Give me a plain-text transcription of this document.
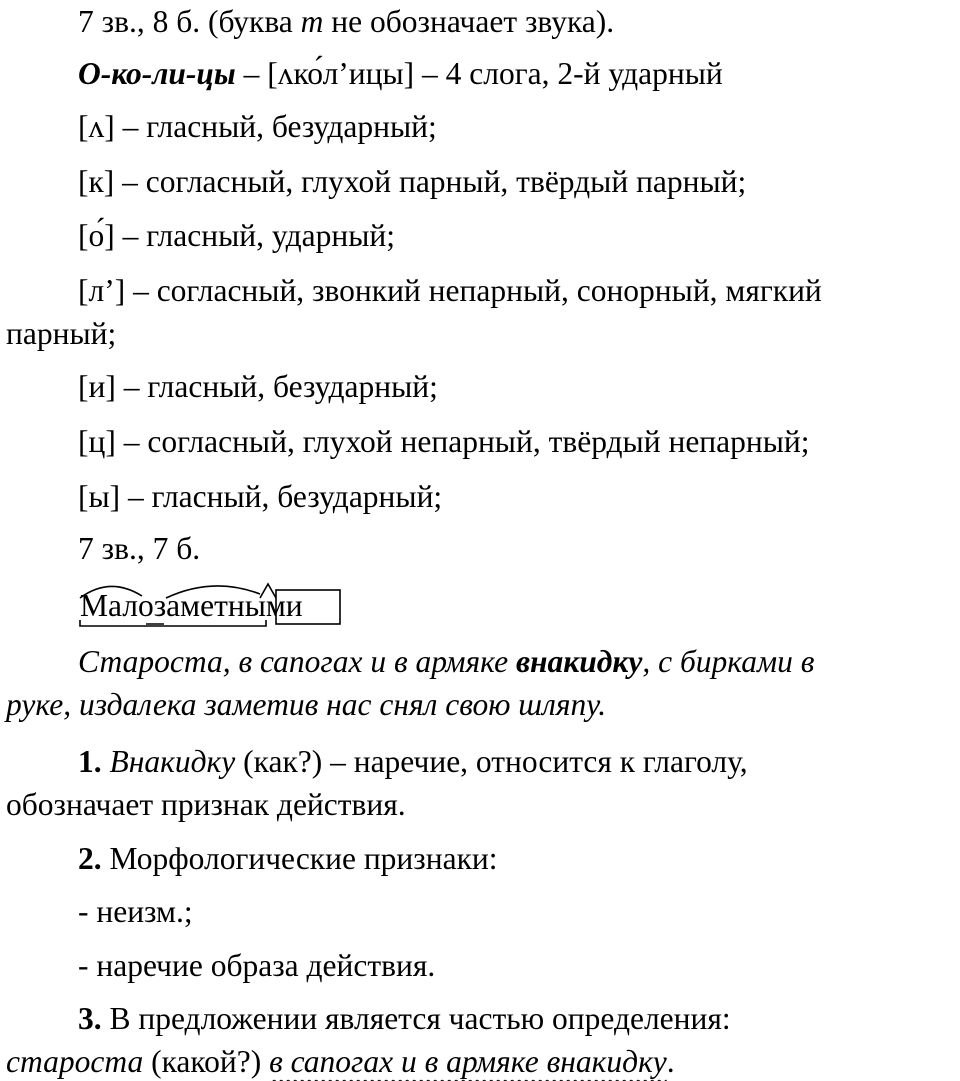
7 зв., 8 б. (буква т не обозначает звука).
О-ко-ли-цы – [ʌко́л’ицы] – 4 слога, 2-й ударный
[ʌ] – гласный, безударный;
[к] – согласный, глухой парный, твёрдый парный;
[о́] – гласный, ударный;
[л’] – согласный, звонкий непарный, сонорный, мягкий
парный;
[и] – гласный, безударный;
[ц] – согласный, глухой непарный, твёрдый непарный;
[ы] – гласный, безударный;
7 зв., 7 б.
Малозаметными
Староста, в сапогах и в армяке внакидку, с бирками в
руке, издалека заметив нас снял свою шляпу.
1. Внакидку (как?) – наречие, относится к глаголу,
обозначает признак действия.
2. Морфологические признаки:
- неизм.;
- наречие образа действия.
3. В предложении является частью определения:
староста (какой?) в сапогах и в армяке внакидку.
